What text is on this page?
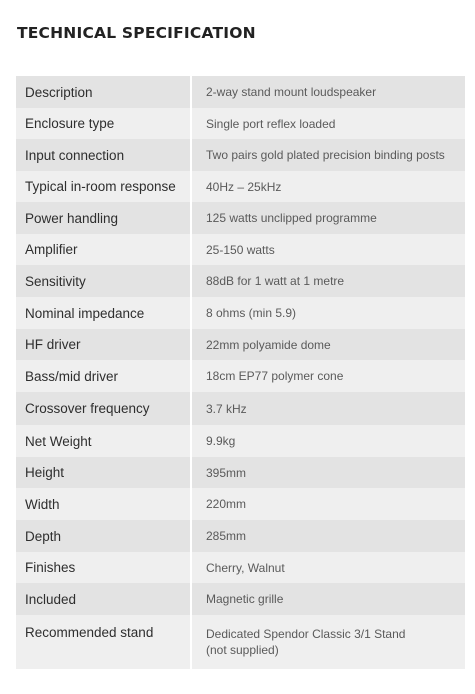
TECHNICAL SPECIFICATION
Description	2-way stand mount loudspeaker
Enclosure type	Single port reflex loaded
Input connection	Two pairs gold plated precision binding posts
Typical in-room response	40Hz – 25kHz
Power handling	125 watts unclipped programme
Amplifier	25-150 watts
Sensitivity	88dB for 1 watt at 1 metre
Nominal impedance	8 ohms (min 5.9)
HF driver	22mm polyamide dome
Bass/mid driver	18cm EP77 polymer cone
Crossover frequency	3.7 kHz
Net Weight	9.9kg
Height	395mm
Width	220mm
Depth	285mm
Finishes	Cherry, Walnut
Included	Magnetic grille
Recommended stand	Dedicated Spendor Classic 3/1 Stand
(not supplied)
